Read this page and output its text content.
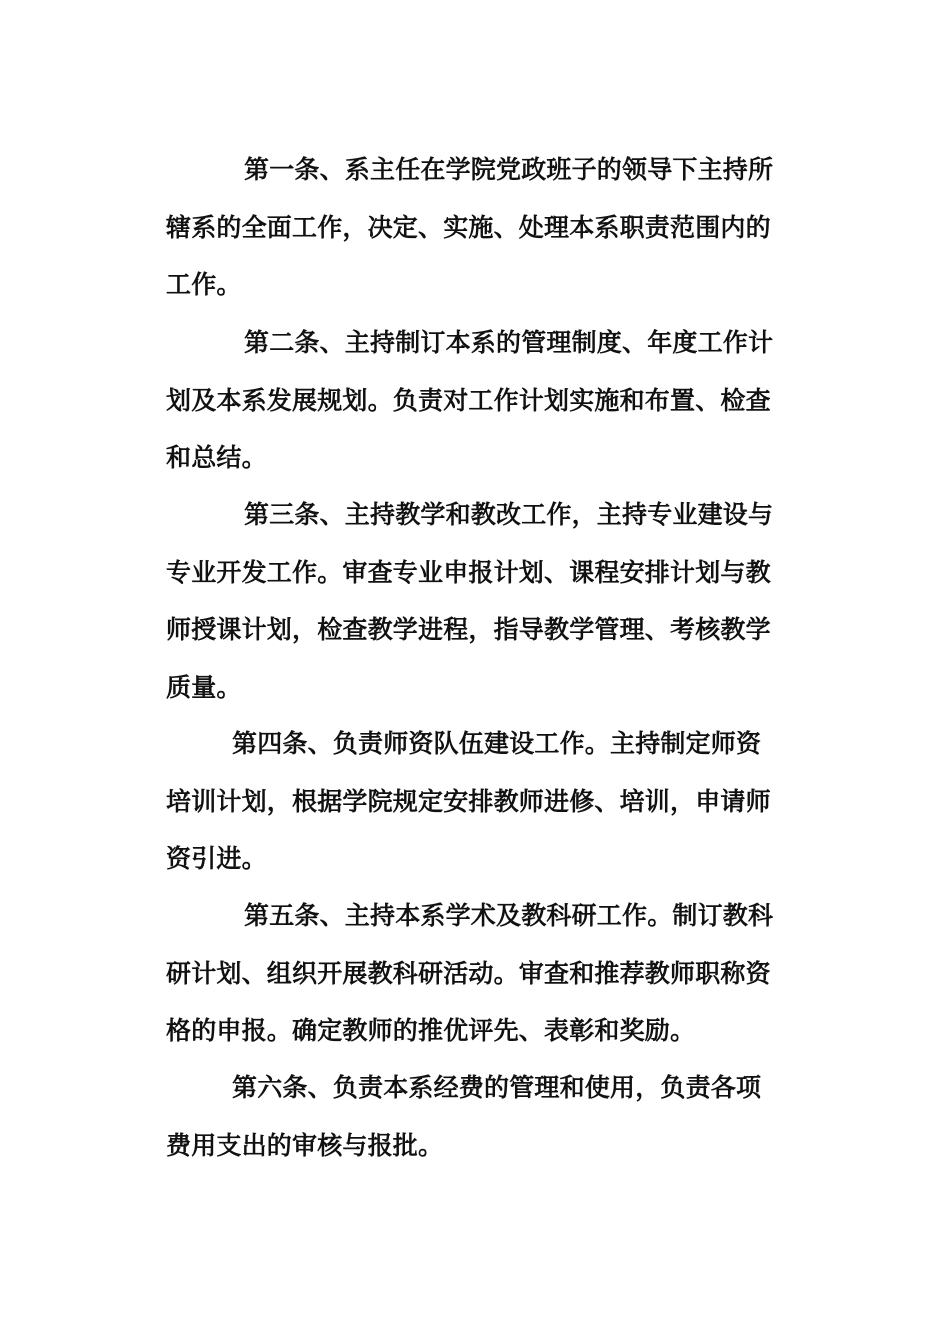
第一条、系主任在学院党政班子的领导下主持所
辖系的全面工作，决定、实施、处理本系职责范围内的
工作。
第二条、主持制订本系的管理制度、年度工作计
划及本系发展规划。负责对工作计划实施和布置、检查
和总结。
第三条、主持教学和教改工作，主持专业建设与
专业开发工作。审查专业申报计划、课程安排计划与教
师授课计划，检查教学进程，指导教学管理、考核教学
质量。
第四条、负责师资队伍建设工作。主持制定师资
培训计划，根据学院规定安排教师进修、培训，申请师
资引进。
第五条、主持本系学术及教科研工作。制订教科
研计划、组织开展教科研活动。审查和推荐教师职称资
格的申报。确定教师的推优评先、表彰和奖励。
第六条、负责本系经费的管理和使用，负责各项
费用支出的审核与报批。
